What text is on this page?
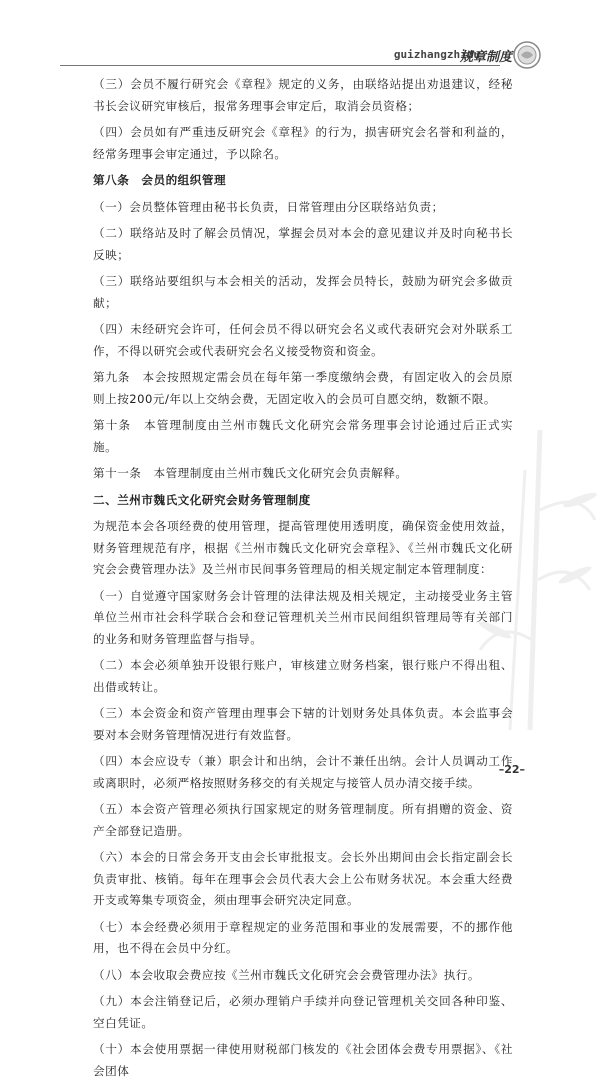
guizhangzhidu
规章制度

（三）会员不履行研究会《章程》规定的义务，由联络站提出劝退建议，经秘书长会议研究审核后，报常务理事会审定后，取消会员资格；

（四）会员如有严重违反研究会《章程》的行为，损害研究会名誉和利益的，经常务理事会审定通过，予以除名。

第八条　会员的组织管理

（一）会员整体管理由秘书长负责，日常管理由分区联络站负责；

（二）联络站及时了解会员情况，掌握会员对本会的意见建议并及时向秘书长反映；

（三）联络站要组织与本会相关的活动，发挥会员特长，鼓励为研究会多做贡献；

（四）未经研究会许可，任何会员不得以研究会名义或代表研究会对外联系工作，不得以研究会或代表研究会名义接受物资和资金。

第九条　本会按照规定需会员在每年第一季度缴纳会费，有固定收入的会员原则上按200元/年以上交纳会费，无固定收入的会员可自愿交纳，数额不限。

第十条　本管理制度由兰州市魏氏文化研究会常务理事会讨论通过后正式实施。

第十一条　本管理制度由兰州市魏氏文化研究会负责解释。

二、兰州市魏氏文化研究会财务管理制度

为规范本会各项经费的使用管理，提高管理使用透明度，确保资金使用效益，财务管理规范有序，根据《兰州市魏氏文化研究会章程》、《兰州市魏氏文化研究会会费管理办法》及兰州市民间事务管理局的相关规定制定本管理制度：

（一）自觉遵守国家财务会计管理的法律法规及相关规定，主动接受业务主管单位兰州市社会科学联合会和登记管理机关兰州市民间组织管理局等有关部门的业务和财务管理监督与指导。

（二）本会必须单独开设银行账户，审核建立财务档案，银行账户不得出租、出借或转让。

（三）本会资金和资产管理由理事会下辖的计划财务处具体负责。本会监事会要对本会财务管理情况进行有效监督。

（四）本会应设专（兼）职会计和出纳，会计不兼任出纳。会计人员调动工作或离职时，必须严格按照财务移交的有关规定与接管人员办清交接手续。

（五）本会资产管理必须执行国家规定的财务管理制度。所有捐赠的资金、资产全部登记造册。

（六）本会的日常会务开支由会长审批报支。会长外出期间由会长指定副会长负责审批、核销。每年在理事会会员代表大会上公布财务状况。本会重大经费开支或筹集专项资金，须由理事会研究决定同意。

（七）本会经费必须用于章程规定的业务范围和事业的发展需要，不的挪作他用，也不得在会员中分红。

（八）本会收取会费应按《兰州市魏氏文化研究会会费管理办法》执行。

（九）本会注销登记后，必须办理销户手续并向登记管理机关交回各种印鉴、空白凭证。

（十）本会使用票据一律使用财税部门核发的《社会团体会费专用票据》、《社会团体

–22–
